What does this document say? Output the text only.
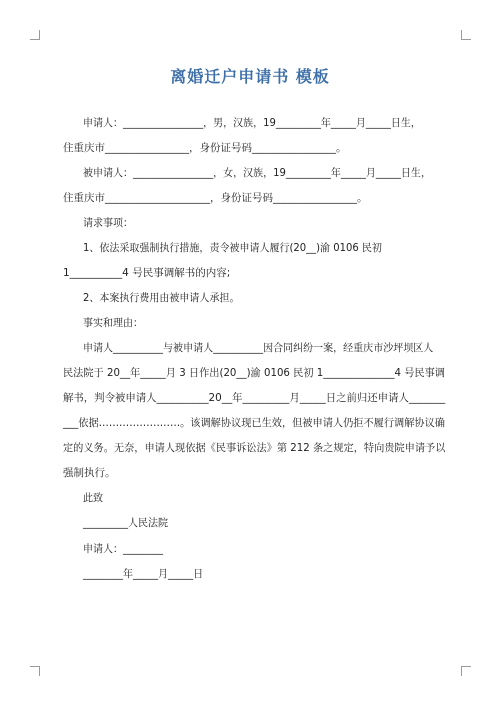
离婚迁户申请书 模板
申请人：________________，男，汉族，19_________年_____月_____日生，
住重庆市________________，身份证号码________________。
被申请人：________________，女，汉族，19_________年_____月_____日生，
住重庆市____________________，身份证号码________________。
请求事项：
1、依法采取强制执行措施，责令被申请人履行(20__)渝 0106 民初
1__________4 号民事调解书的内容;
2、本案执行费用由被申请人承担。
事实和理由：
申请人__________与被申请人__________因合同纠纷一案，经重庆市沙坪坝区人
民法院于 20__年_____月 3 日作出(20__)渝 0106 民初 1______________4 号民事调
解书，判令被申请人__________20__年_________月_____日之前归还申请人_______
___依据……………………。该调解协议现已生效，但被申请人仍拒不履行调解协议确
定的义务。无奈，申请人现依据《民事诉讼法》第 212 条之规定，特向贵院申请予以
强制执行。
此致
_________人民法院
申请人：________
________年_____月_____日
